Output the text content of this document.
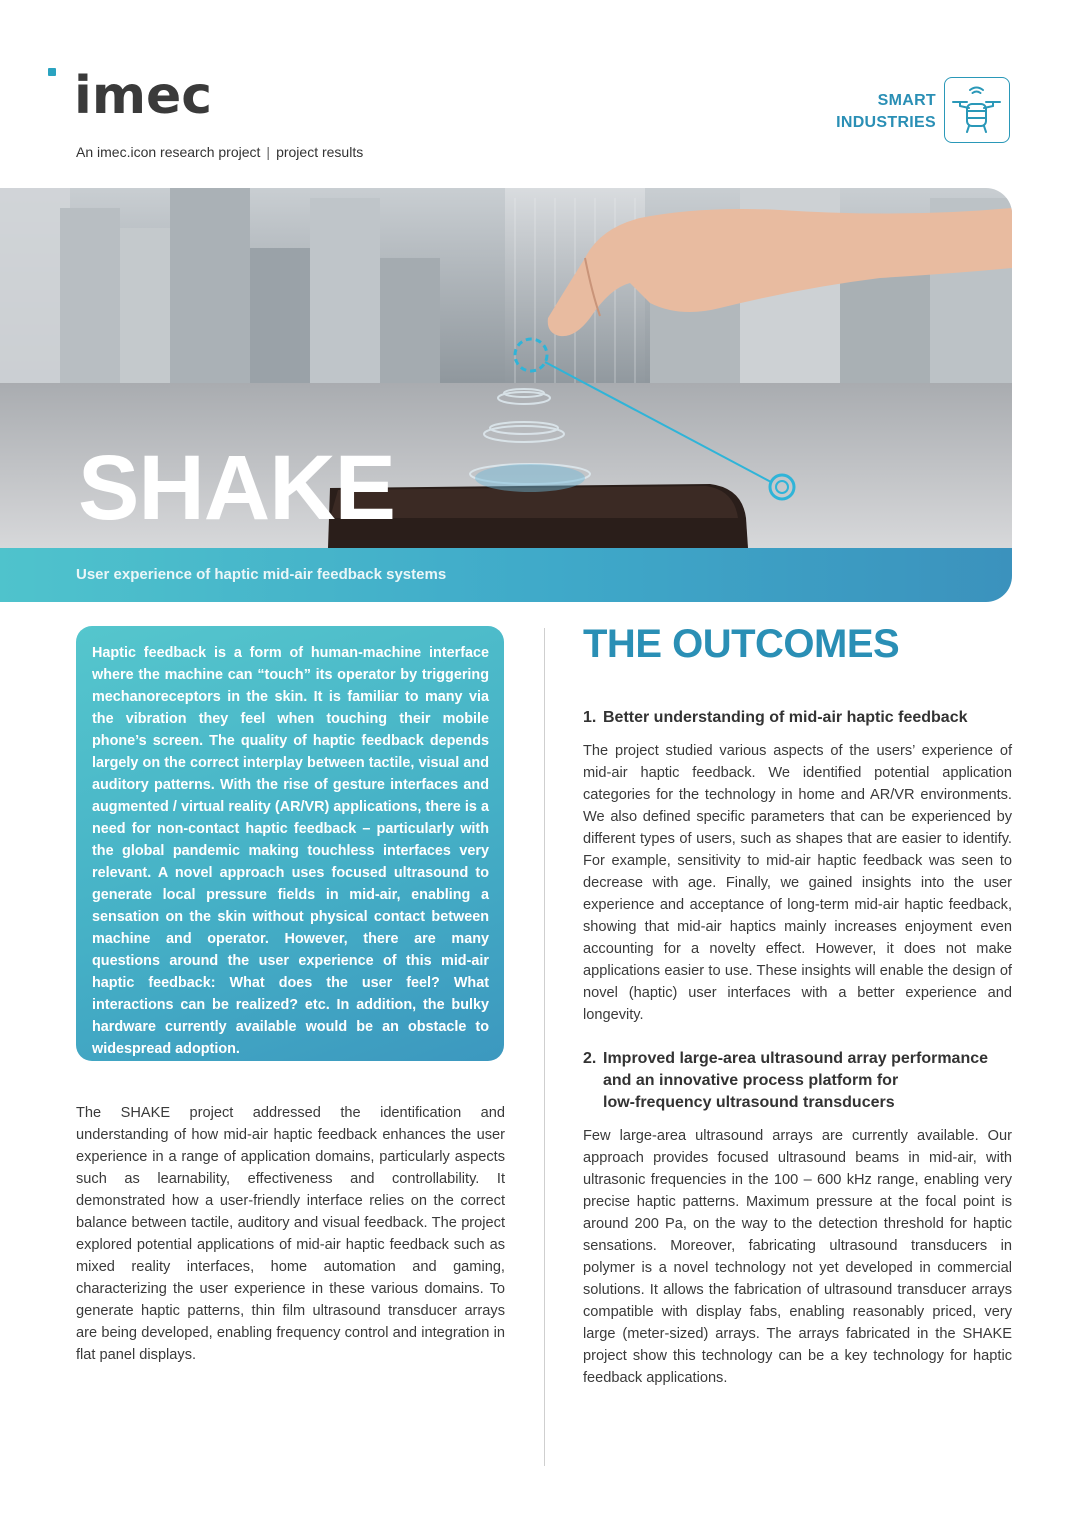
imec
An imec.icon research project | project results
SMART
INDUSTRIES
SHAKE
User experience of haptic mid-air feedback systems
Haptic feedback is a form of human-machine interface where the machine can “touch” its operator by triggering mechanoreceptors in the skin. It is familiar to many via the vibration they feel when touching their mobile phone’s screen. The quality of haptic feedback depends largely on the correct interplay between tactile, visual and auditory patterns. With the rise of gesture interfaces and augmented / virtual reality (AR/VR) applications, there is a need for non-contact haptic feedback – particularly with the global pandemic making touchless interfaces very relevant. A novel approach uses focused ultrasound to generate local pressure fields in mid-air, enabling a sensation on the skin without physical contact between machine and operator. However, there are many questions around the user experience of this mid-air haptic feedback: What does the user feel? What interactions can be realized? etc. In addition, the bulky hardware currently available would be an obstacle to widespread adoption.
The SHAKE project addressed the identification and understanding of how mid-air haptic feedback enhances the user experience in a range of application domains, particularly aspects such as learnability, effectiveness and controllability. It demonstrated how a user-friendly interface relies on the correct balance between tactile, auditory and visual feedback. The project explored potential applications of mid-air haptic feedback such as mixed reality interfaces, home automation and gaming, characterizing the user experience in these various domains. To generate haptic patterns, thin film ultrasound transducer arrays are being developed, enabling frequency control and integration in flat panel displays.
THE OUTCOMES
1. Better understanding of mid-air haptic feedback
The project studied various aspects of the users’ experience of mid-air haptic feedback. We identified potential application categories for the technology in home and AR/VR environments. We also defined specific parameters that can be experienced by different types of users, such as shapes that are easier to identify. For example, sensitivity to mid-air haptic feedback was seen to decrease with age. Finally, we gained insights into the user experience and acceptance of long-term mid-air haptic feedback, showing that mid-air haptics mainly increases enjoyment even accounting for a novelty effect. However, it does not make applications easier to use. These insights will enable the design of novel (haptic) user interfaces with a better experience and longevity.
2. Improved large-area ultrasound array performance
and an innovative process platform for
low-frequency ultrasound transducers
Few large-area ultrasound arrays are currently available. Our approach provides focused ultrasound beams in mid-air, with ultrasonic frequencies in the 100 – 600 kHz range, enabling very precise haptic patterns. Maximum pressure at the focal point is around 200 Pa, on the way to the detection threshold for haptic sensations. Moreover, fabricating ultrasound transducers in polymer is a novel technology not yet developed in commercial solutions. It allows the fabrication of ultrasound transducer arrays compatible with display fabs, enabling reasonably priced, very large (meter-sized) arrays. The arrays fabricated in the SHAKE project show this technology can be a key technology for haptic feedback applications.
